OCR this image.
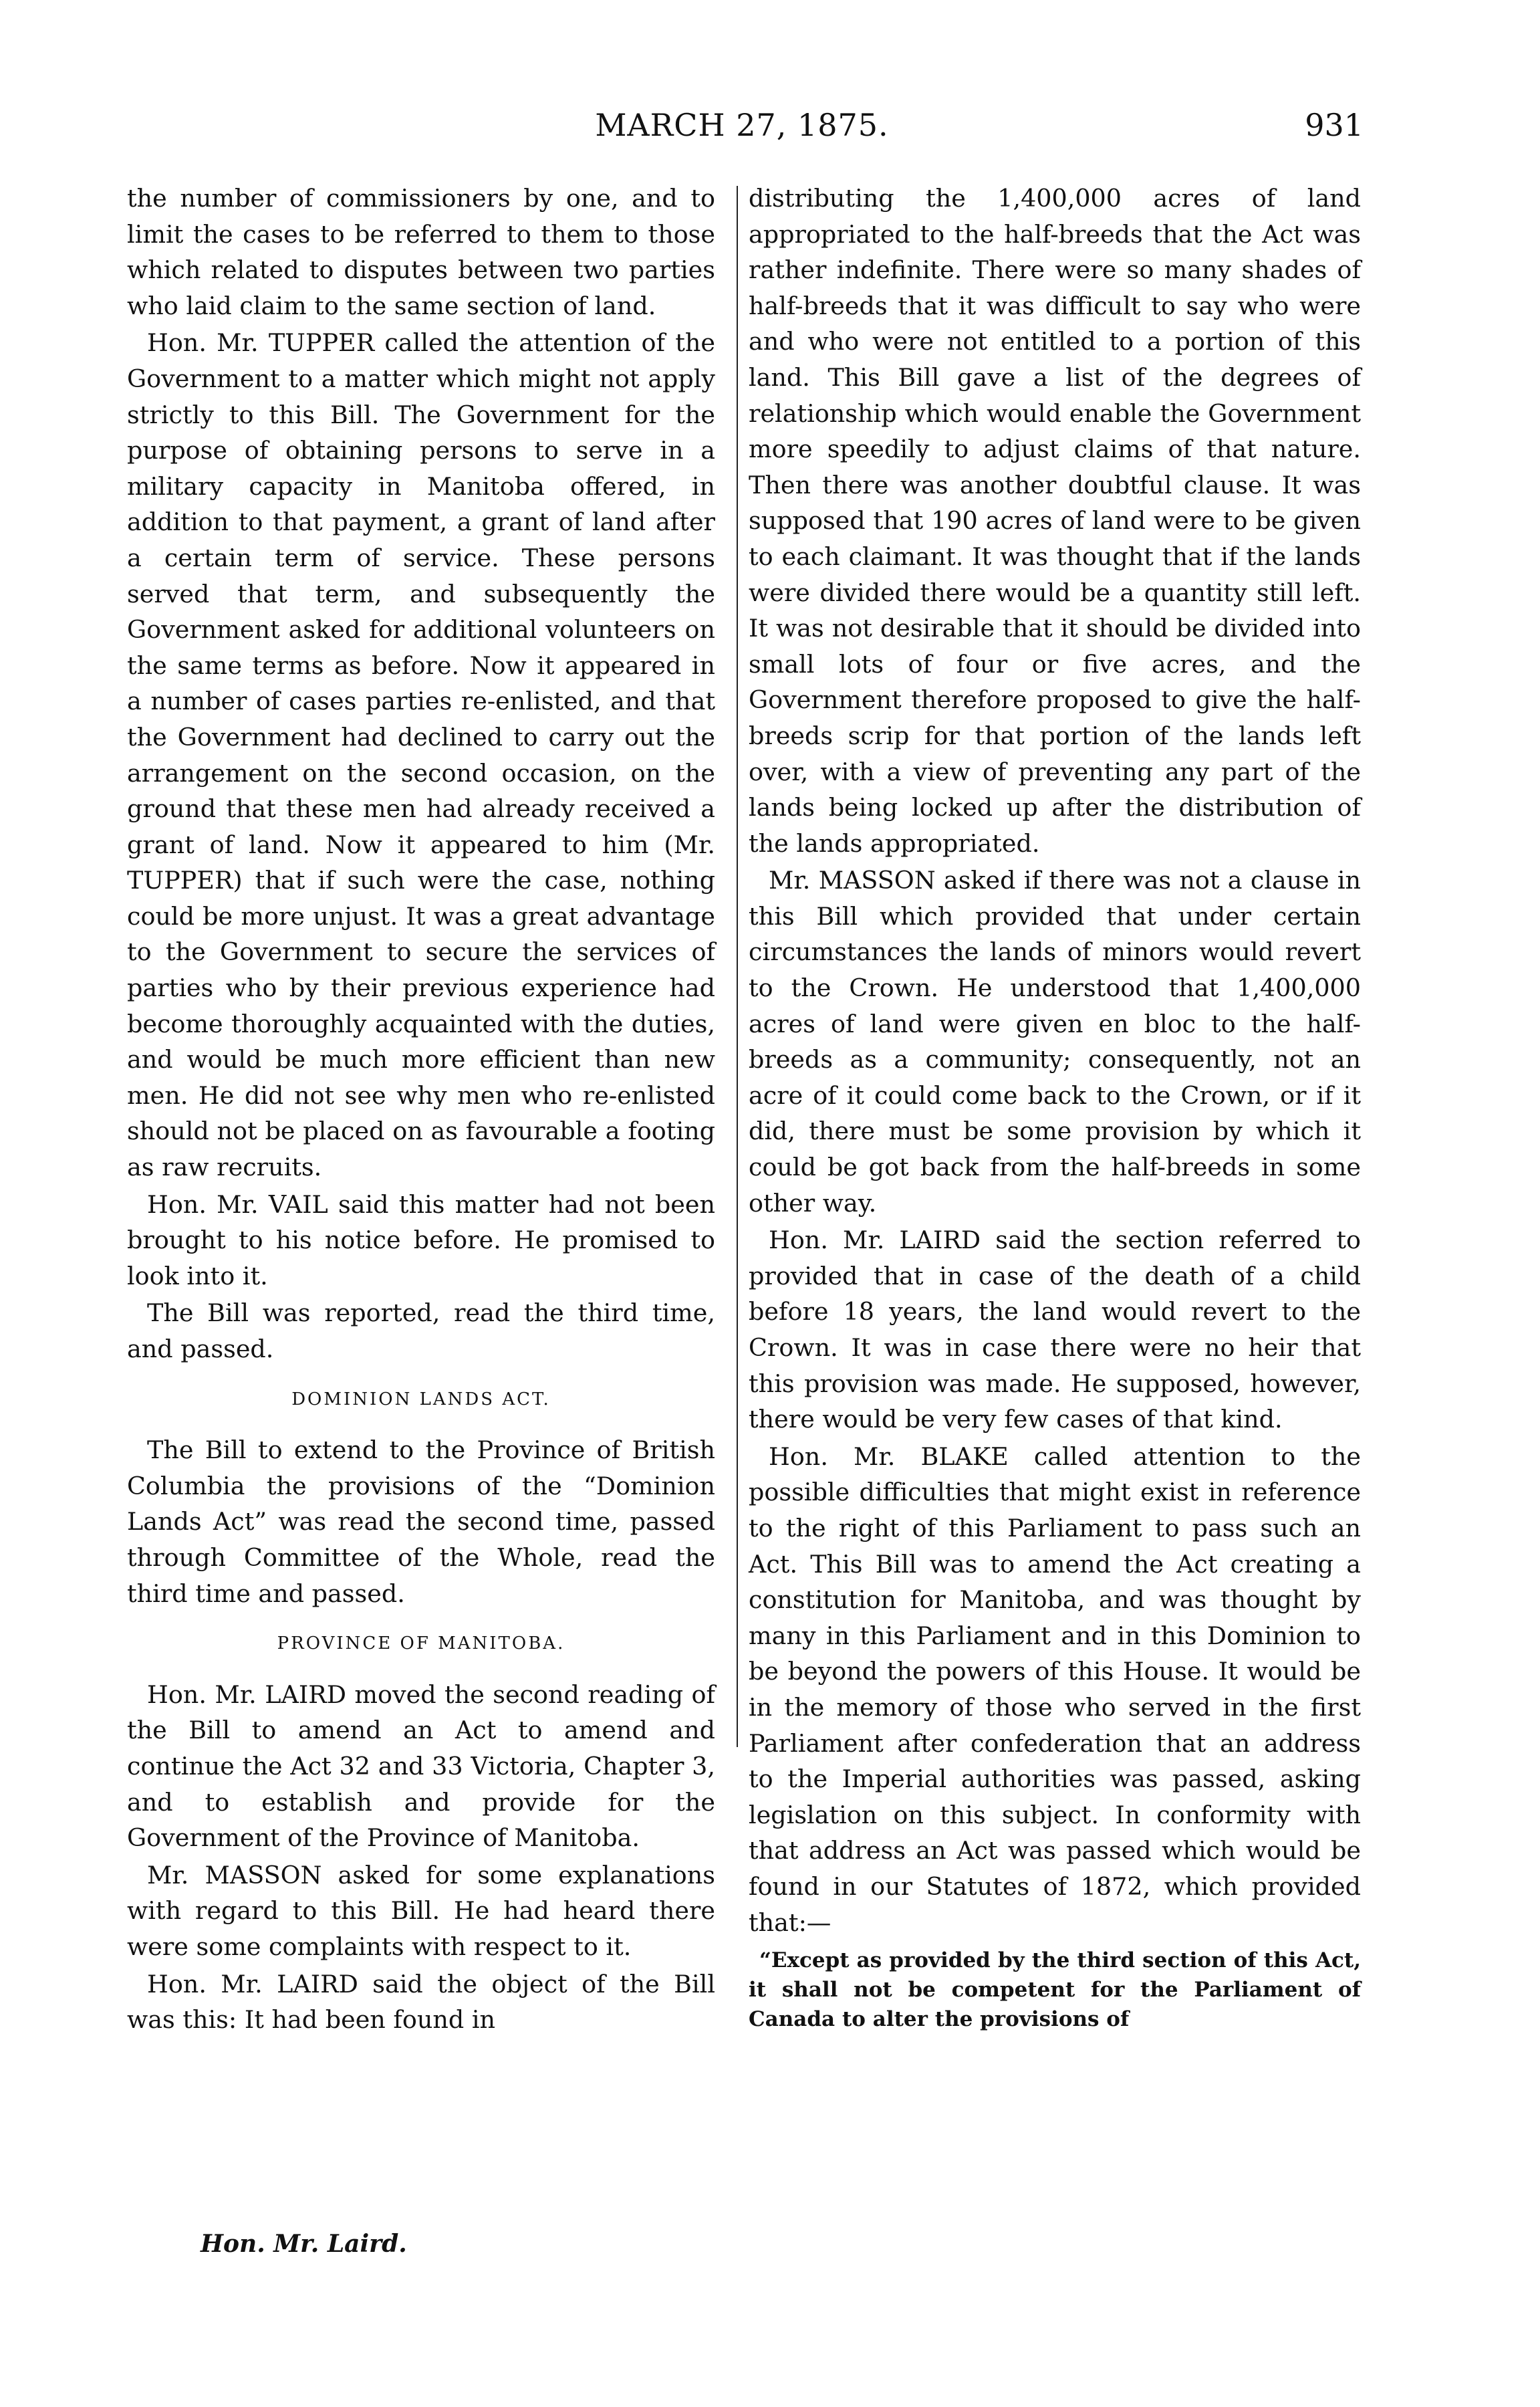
MARCH 27, 1875.	931

the number of commissioners by one, and to limit the cases to be referred to them to those which related to disputes between two parties who laid claim to the same section of land.

Hon. Mr. TUPPER called the attention of the Government to a matter which might not apply strictly to this Bill. The Government for the purpose of obtaining persons to serve in a military capacity in Manitoba offered, in addition to that payment, a grant of land after a certain term of service. These persons served that term, and subsequently the Government asked for additional volunteers on the same terms as before. Now it appeared in a number of cases parties re-enlisted, and that the Government had declined to carry out the arrangement on the second occasion, on the ground that these men had already received a grant of land. Now it appeared to him (Mr. TUPPER) that if such were the case, nothing could be more unjust. It was a great advantage to the Government to secure the services of parties who by their previous experience had become thoroughly acquainted with the duties, and would be much more efficient than new men. He did not see why men who re-enlisted should not be placed on as favourable a footing as raw recruits.

Hon. Mr. VAIL said this matter had not been brought to his notice before. He promised to look into it.

The Bill was reported, read the third time, and passed.

DOMINION LANDS ACT.

The Bill to extend to the Province of British Columbia the provisions of the “Dominion Lands Act” was read the second time, passed through Committee of the Whole, read the third time and passed.

PROVINCE OF MANITOBA.

Hon. Mr. LAIRD moved the second reading of the Bill to amend an Act to amend and continue the Act 32 and 33 Victoria, Chapter 3, and to establish and provide for the Government of the Province of Manitoba.

Mr. MASSON asked for some explanations with regard to this Bill. He had heard there were some complaints with respect to it.

Hon. Mr. LAIRD said the object of the Bill was this: It had been found in

distributing the 1,400,000 acres of land appropriated to the half-breeds that the Act was rather indefinite. There were so many shades of half-breeds that it was difficult to say who were and who were not entitled to a portion of this land. This Bill gave a list of the degrees of relationship which would enable the Government more speedily to adjust claims of that nature. Then there was another doubtful clause. It was supposed that 190 acres of land were to be given to each claimant. It was thought that if the lands were divided there would be a quantity still left. It was not desirable that it should be divided into small lots of four or five acres, and the Government therefore proposed to give the half-breeds scrip for that portion of the lands left over, with a view of preventing any part of the lands being locked up after the distribution of the lands appropriated.

Mr. MASSON asked if there was not a clause in this Bill which provided that under certain circumstances the lands of minors would revert to the Crown. He understood that 1,400,000 acres of land were given en bloc to the half-breeds as a community; consequently, not an acre of it could come back to the Crown, or if it did, there must be some provision by which it could be got back from the half-breeds in some other way.

Hon. Mr. LAIRD said the section referred to provided that in case of the death of a child before 18 years, the land would revert to the Crown. It was in case there were no heir that this provision was made. He supposed, however, there would be very few cases of that kind.

Hon. Mr. BLAKE called attention to the possible difficulties that might exist in reference to the right of this Parliament to pass such an Act. This Bill was to amend the Act creating a constitution for Manitoba, and was thought by many in this Parliament and in this Dominion to be beyond the powers of this House. It would be in the memory of those who served in the first Parliament after confederation that an address to the Imperial authorities was passed, asking legislation on this subject. In conformity with that address an Act was passed which would be found in our Statutes of 1872, which provided that:—

“Except as provided by the third section of this Act, it shall not be competent for the Parliament of Canada to alter the provisions of

Hon. Mr. Laird.
